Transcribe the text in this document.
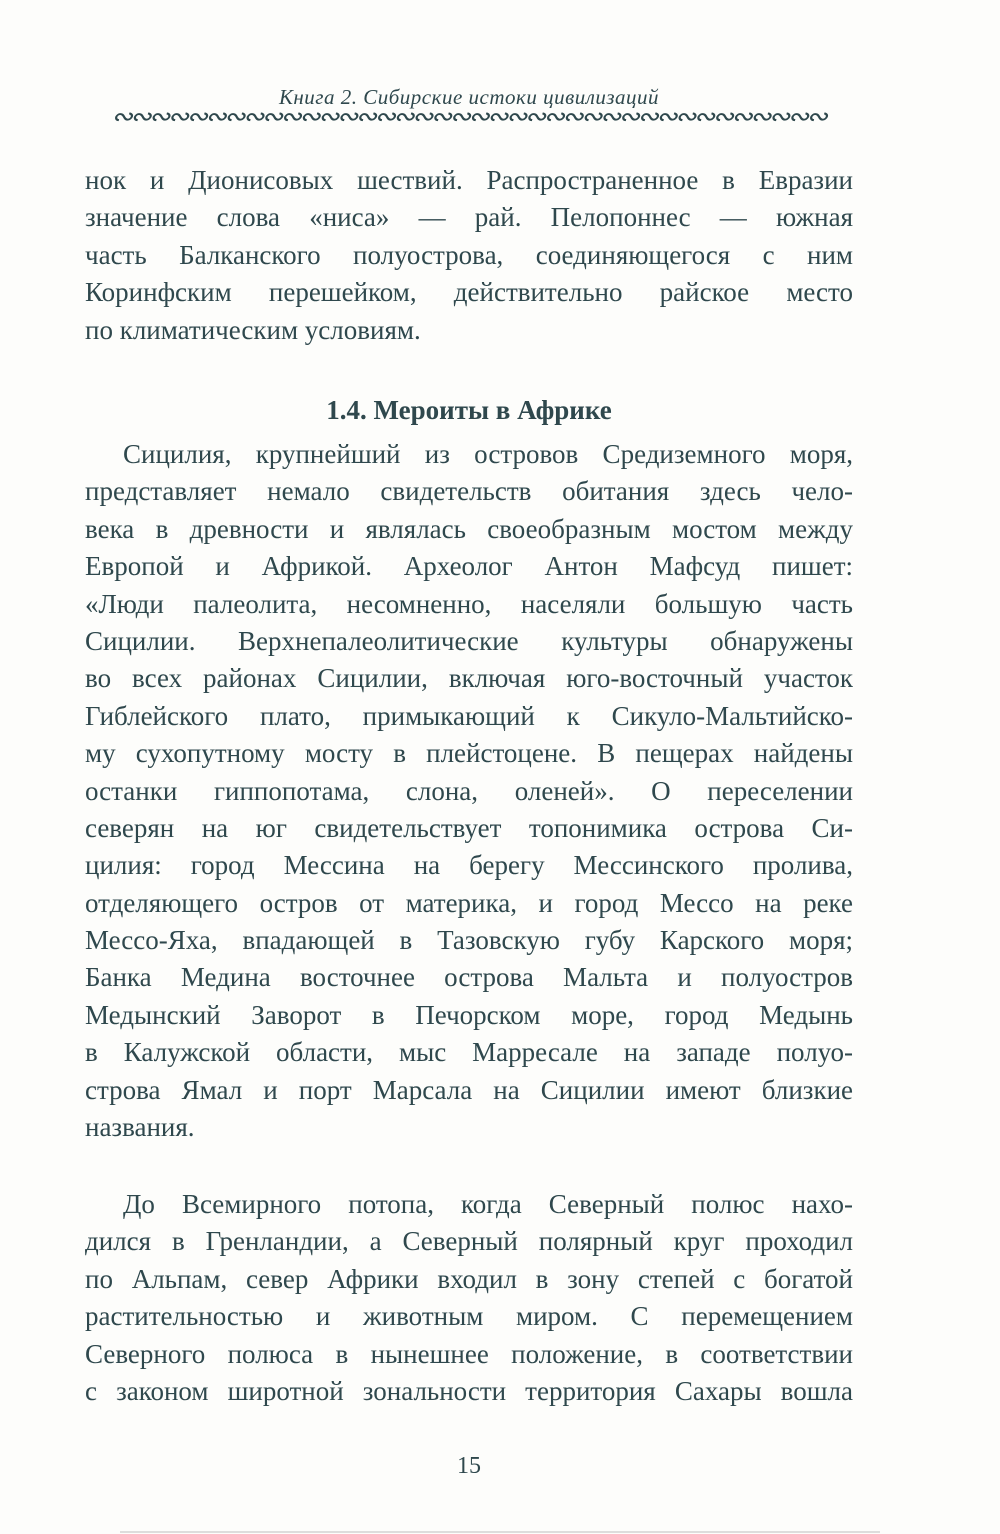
Книга 2. Сибирские истоки цивилизаций
∾∾∾∾∾∾∾∾∾∾∾∾∾∾∾∾∾∾∾∾∾∾∾∾∾∾∾∾∾∾∾∾∾∾∾∾∾∾
нок и Дионисовых шествий. Распространенное в Евразии
значение слова «ниса» — рай. Пелопоннес — южная
часть Балканского полуострова, соединяющегося с ним
Коринфским перешейком, действительно райское место
по климатическим условиям.
1.4. Мероиты в Африке
Сицилия, крупнейший из островов Средиземного моря,
представляет немало свидетельств обитания здесь чело-
века в древности и являлась своеобразным мостом между
Европой и Африкой. Археолог Антон Мафсуд пишет:
«Люди палеолита, несомненно, населяли большую часть
Сицилии. Верхнепалеолитические культуры обнаружены
во всех районах Сицилии, включая юго-восточный участок
Гиблейского плато, примыкающий к Сикуло-Мальтийско-
му сухопутному мосту в плейстоцене. В пещерах найдены
останки гиппопотама, слона, оленей». О переселении
северян на юг свидетельствует топонимика острова Си-
цилия: город Мессина на берегу Мессинского пролива,
отделяющего остров от материка, и город Мессо на реке
Мессо-Яха, впадающей в Тазовскую губу Карского моря;
Банка Медина восточнее острова Мальта и полуостров
Медынский Заворот в Печорском море, город Медынь
в Калужской области, мыс Марресале на западе полуо-
строва Ямал и порт Марсала на Сицилии имеют близкие
названия.
До Всемирного потопа, когда Северный полюс нахо-
дился в Гренландии, а Северный полярный круг проходил
по Альпам, север Африки входил в зону степей с богатой
растительностью и животным миром. С перемещением
Северного полюса в нынешнее положение, в соответствии
с законом широтной зональности территория Сахары вошла
15
